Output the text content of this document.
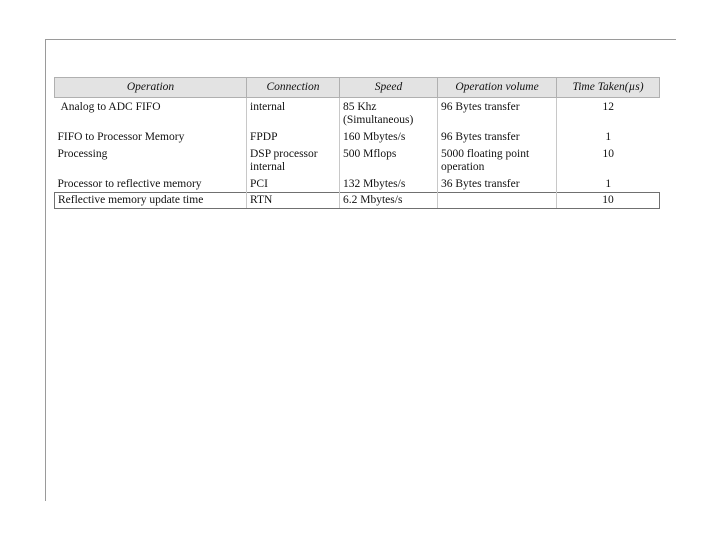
Operation	Connection	Speed	Operation volume	Time Taken(µs)
Analog to ADC FIFO	internal	85 Khz (Simultaneous)	96 Bytes transfer	12
FIFO to Processor Memory	FPDP	160 Mbytes/s	96 Bytes transfer	1
Processing	DSP processor internal	500 Mflops	5000 floating point operation	10
Processor to reflective memory	PCI	132 Mbytes/s	36 Bytes transfer	1
Reflective memory update time	RTN	6.2 Mbytes/s		10
